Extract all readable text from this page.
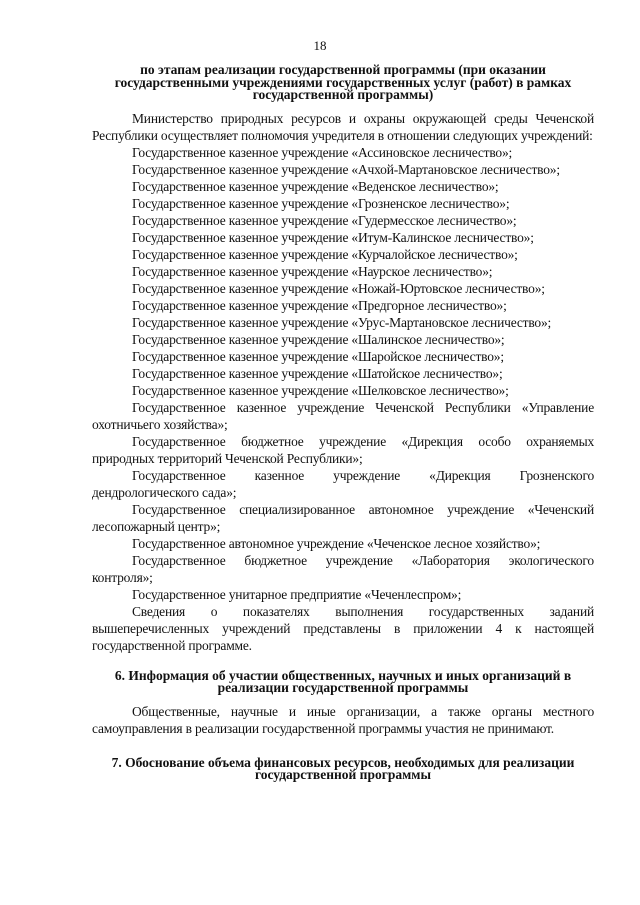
18
по этапам реализации государственной программы (при оказании государственными учреждениями государственных услуг (работ) в рамках государственной программы)

Министерство природных ресурсов и охраны окружающей среды Чеченской Республики осуществляет полномочия учредителя в отношении следующих учреждений:

Государственное казенное учреждение «Ассиновское лесничество»;

Государственное казенное учреждение «Ачхой-Мартановское лесничество»;

Государственное казенное учреждение «Веденское лесничество»;

Государственное казенное учреждение «Грозненское лесничество»;

Государственное казенное учреждение «Гудермесское лесничество»;

Государственное казенное учреждение «Итум-Калинское лесничество»;

Государственное казенное учреждение «Курчалойское лесничество»;

Государственное казенное учреждение «Наурское лесничество»;

Государственное казенное учреждение «Ножай-Юртовское лесничество»;

Государственное казенное учреждение «Предгорное лесничество»;

Государственное казенное учреждение «Урус-Мартановское лесничество»;

Государственное казенное учреждение «Шалинское лесничество»;

Государственное казенное учреждение «Шаройское лесничество»;

Государственное казенное учреждение «Шатойское лесничество»;

Государственное казенное учреждение «Шелковское лесничество»;

Государственное казенное учреждение Чеченской Республики «Управление охотничьего хозяйства»;

Государственное бюджетное учреждение «Дирекция особо охраняемых природных территорий Чеченской Республики»;

Государственное казенное учреждение «Дирекция Грозненского дендрологического сада»;

Государственное специализированное автономное учреждение «Чеченский лесопожарный центр»;

Государственное автономное учреждение «Чеченское лесное хозяйство»;

Государственное бюджетное учреждение «Лаборатория экологического контроля»;

Государственное унитарное предприятие «Чеченлеспром»;

Сведения о показателях выполнения государственных заданий вышеперечисленных учреждений представлены в приложении 4 к настоящей государственной программе.

6. Информация об участии общественных, научных и иных организаций в реализации государственной программы

Общественные, научные и иные организации, а также органы местного самоуправления в реализации государственной программы участия не принимают.

7. Обоснование объема финансовых ресурсов, необходимых для реализации государственной программы
